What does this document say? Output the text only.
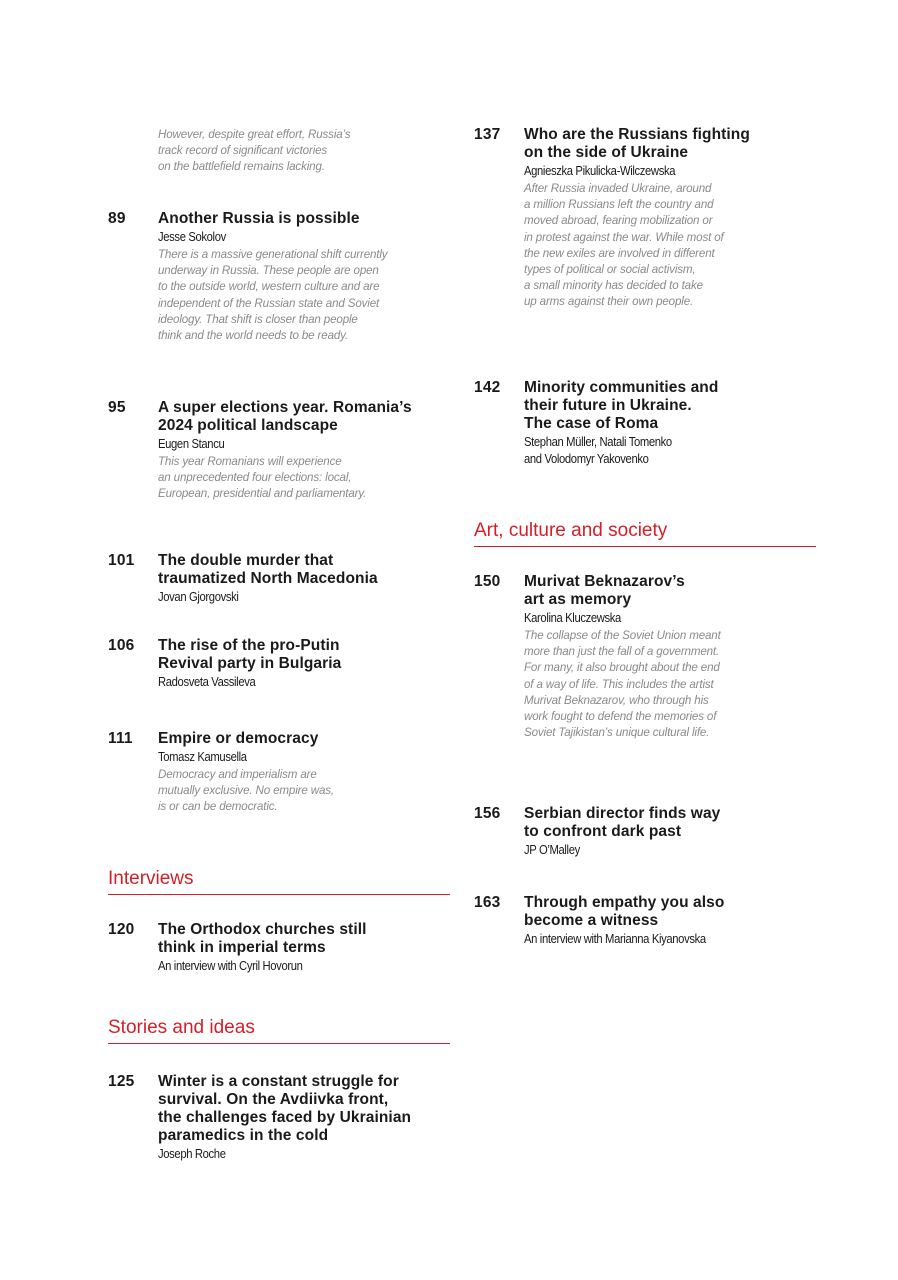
However, despite great effort, Russia’s
track record of significant victories
on the battlefield remains lacking.
89	Another Russia is possible
Jesse Sokolov
There is a massive generational shift currently
underway in Russia. These people are open
to the outside world, western culture and are
independent of the Russian state and Soviet
ideology. That shift is closer than people
think and the world needs to be ready.
95	A super elections year. Romania’s
2024 political landscape
Eugen Stancu
This year Romanians will experience
an unprecedented four elections: local,
European, presidential and parliamentary.
101	The double murder that
traumatized North Macedonia
Jovan Gjorgovski
106	The rise of the pro-Putin
Revival party in Bulgaria
Radosveta Vassileva
111	Empire or democracy
Tomasz Kamusella
Democracy and imperialism are
mutually exclusive. No empire was,
is or can be democratic.
Interviews
120	The Orthodox churches still
think in imperial terms
An interview with Cyril Hovorun
Stories and ideas
125	Winter is a constant struggle for
survival. On the Avdiivka front,
the challenges faced by Ukrainian
paramedics in the cold
Joseph Roche
137	Who are the Russians fighting
on the side of Ukraine
Agnieszka Pikulicka-Wilczewska
After Russia invaded Ukraine, around
a million Russians left the country and
moved abroad, fearing mobilization or
in protest against the war. While most of
the new exiles are involved in different
types of political or social activism,
a small minority has decided to take
up arms against their own people.
142	Minority communities and
their future in Ukraine.
The case of Roma
Stephan Müller, Natali Tomenko
and Volodomyr Yakovenko
Art, culture and society
150	Murivat Beknazarov’s
art as memory
Karolina Kluczewska
The collapse of the Soviet Union meant
more than just the fall of a government.
For many, it also brought about the end
of a way of life. This includes the artist
Murivat Beknazarov, who through his
work fought to defend the memories of
Soviet Tajikistan’s unique cultural life.
156	Serbian director finds way
to confront dark past
JP O’Malley
163	Through empathy you also
become a witness
An interview with Marianna Kiyanovska
